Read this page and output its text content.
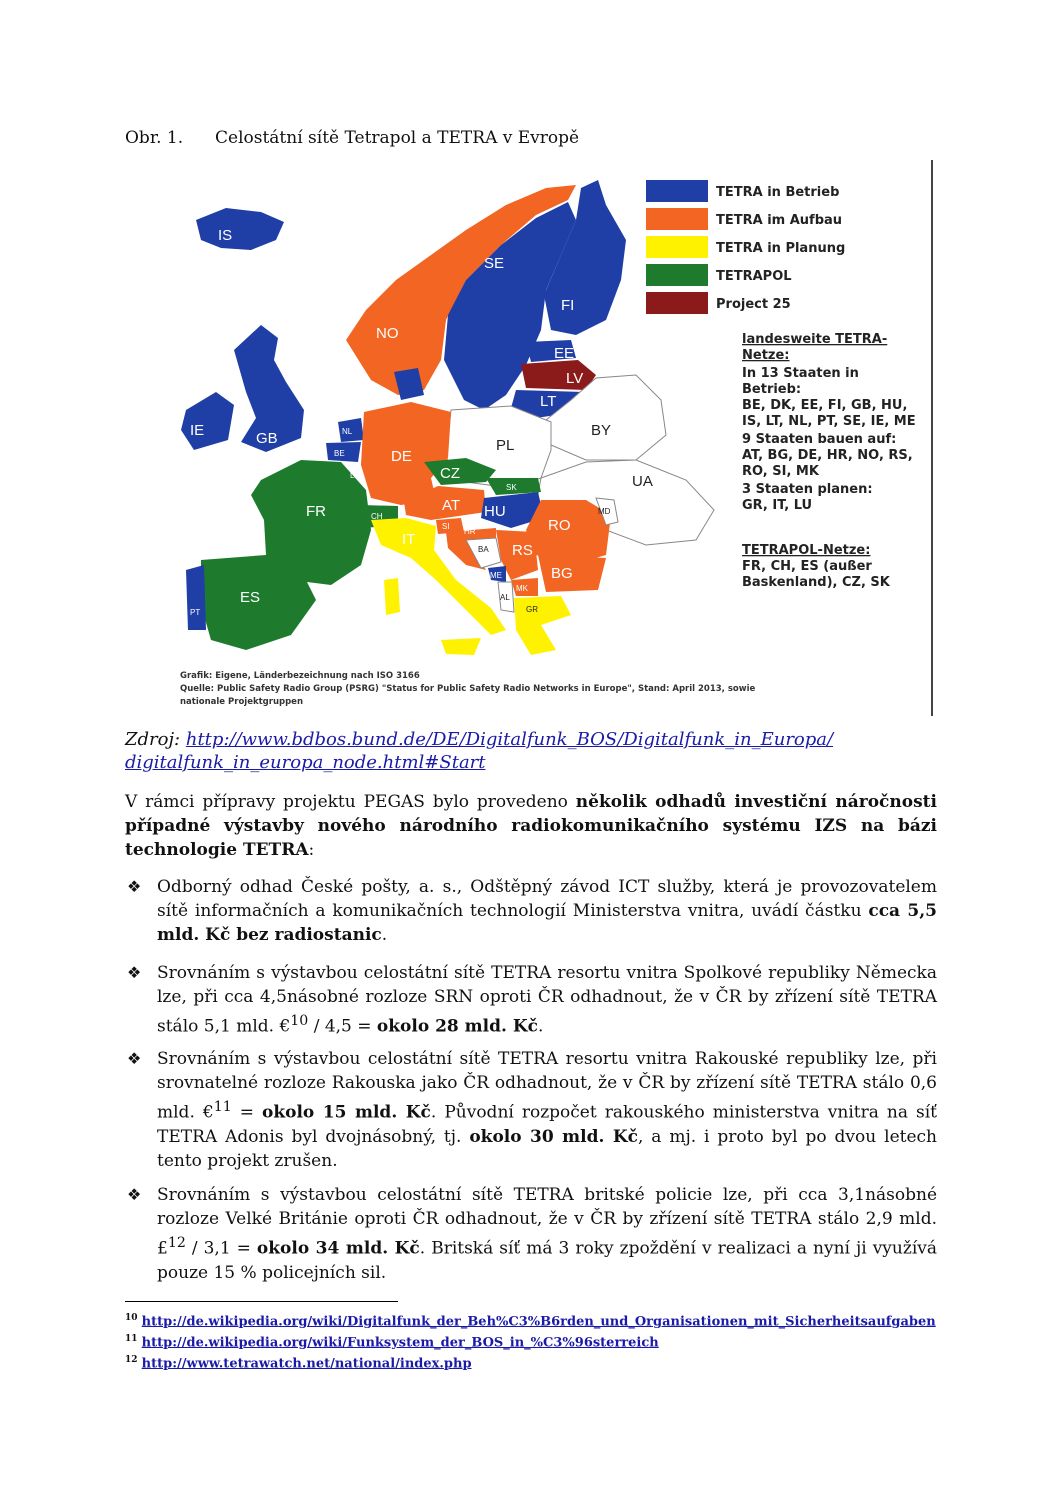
Obr. 1. Celostátní sítě Tetrapol a TETRA v Evropě
IS
NO
SE
FI
EE
LV
LT
BY
PL
GB
IE	NL
BE	DE
CZ
SK	UA
AT HU
RO
FR	CH
SI
HR
IT
BA RS
BG
MD
ME
MK
AL
GR
ES
PT
LU
TETRA in Betrieb
TETRA im Aufbau
TETRA in Planung
TETRAPOL
Project 25
landesweite TETRA-
Netze:
In 13 Staaten in
Betrieb:
BE, DK, EE, FI, GB, HU,
IS, LT, NL, PT, SE, IE, ME
9 Staaten bauen auf:
AT, BG, DE, HR, NO, RS,
RO, SI, MK
3 Staaten planen:
GR, IT, LU
TETRAPOL-Netze:
FR, CH, ES (außer
Baskenland), CZ, SK
Grafik: Eigene, Länderbezeichnung nach ISO 3166
Quelle: Public Safety Radio Group (PSRG) "Status for Public Safety Radio Networks in Europe", Stand: April 2013, sowie
nationale Projektgruppen
Zdroj: http://www.bdbos.bund.de/DE/Digitalfunk_BOS/Digitalfunk_in_Europa/
digitalfunk_in_europa_node.html#Start
V rámci přípravy projektu PEGAS bylo provedeno několik odhadů investiční náročnosti případné výstavby nového národního radiokomunikačního systému IZS na bázi technologie TETRA:
❖ Odborný odhad České pošty, a. s., Odštěpný závod ICT služby, která je provozovatelem sítě informačních a komunikačních technologií Ministerstva vnitra, uvádí částku cca 5,5 mld. Kč bez radiostanic.
❖ Srovnáním s výstavbou celostátní sítě TETRA resortu vnitra Spolkové republiky Německa lze, při cca 4,5násobné rozloze SRN oproti ČR odhadnout, že v ČR by zřízení sítě TETRA stálo 5,1 mld. €$^{10}$ / 4,5 = okolo 28 mld. Kč.
❖ Srovnáním s výstavbou celostátní sítě TETRA resortu vnitra Rakouské republiky lze, při srovnatelné rozloze Rakouska jako ČR odhadnout, že v ČR by zřízení sítě TETRA stálo 0,6 mld. €$^{11}$ = okolo 15 mld. Kč. Původní rozpočet rakouského ministerstva vnitra na síť TETRA Adonis byl dvojnásobný, tj. okolo 30 mld. Kč, a mj. i proto byl po dvou letech tento projekt zrušen.
❖ Srovnáním s výstavbou celostátní sítě TETRA britské policie lze, při cca 3,1násobné rozloze Velké Británie oproti ČR odhadnout, že v ČR by zřízení sítě TETRA stálo 2,9 mld. £$^{12}$ / 3,1 = okolo 34 mld. Kč. Britská síť má 3 roky zpoždění v realizaci a nyní ji využívá pouze 15 % policejních sil.
$^{10}$ http://de.wikipedia.org/wiki/Digitalfunk_der_Beh%C3%B6rden_und_Organisationen_mit_Sicherheitsaufgaben
$^{11}$ http://de.wikipedia.org/wiki/Funksystem_der_BOS_in_%C3%96sterreich
$^{12}$ http://www.tetrawatch.net/national/index.php
